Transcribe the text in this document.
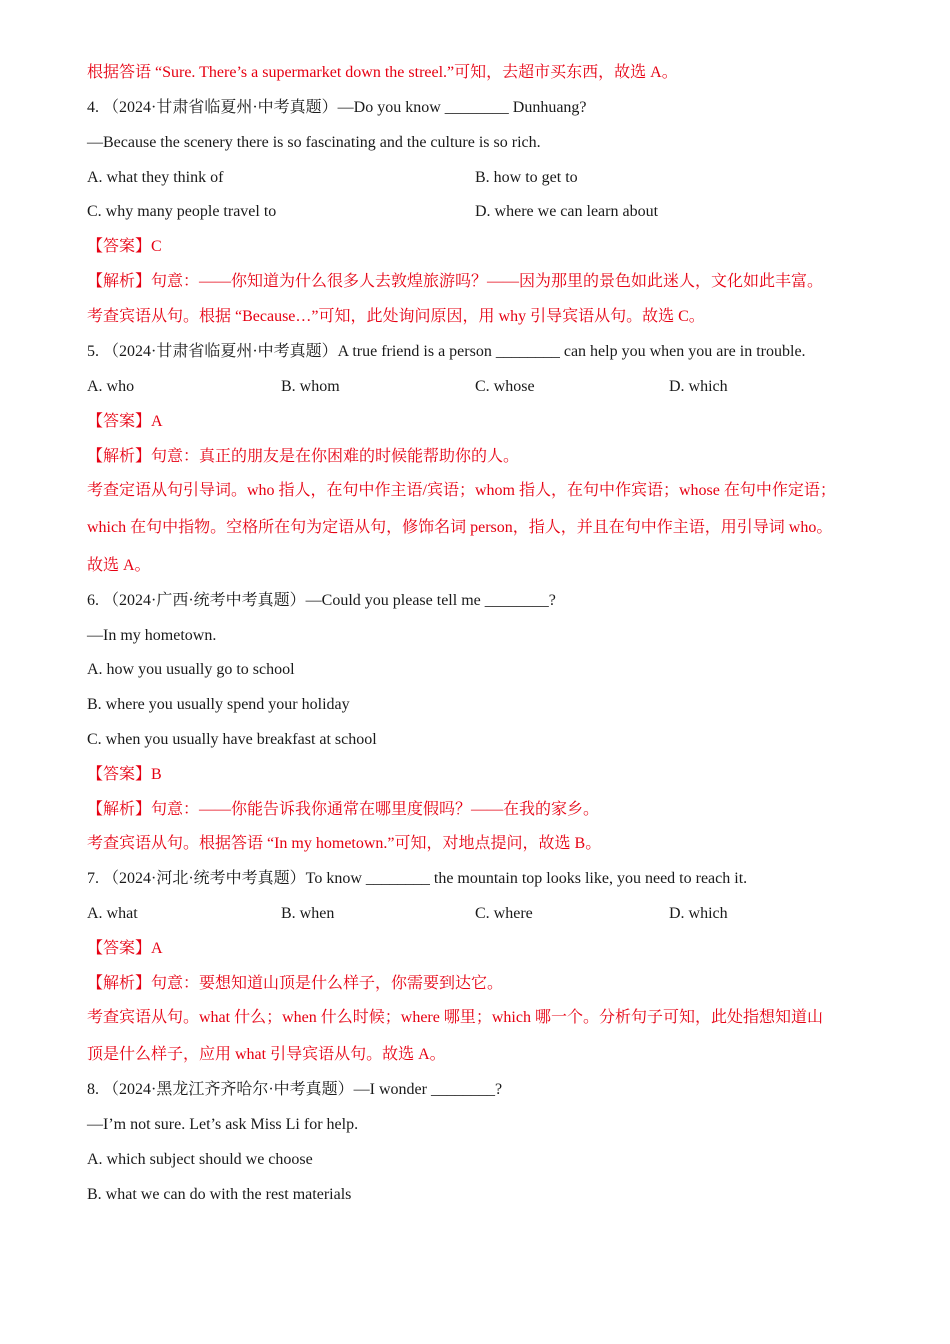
根据答语 “Sure. There’s a supermarket down the streel.”可知，去超市买东西，故选 A。
4. （2024·甘肃省临夏州·中考真题）—Do you know ________ Dunhuang?
—Because the scenery there is so fascinating and the culture is so rich.
A. what they think of	B. how to get to
C. why many people travel to	D. where we can learn about
【答案】C
【解析】句意：——你知道为什么很多人去敦煌旅游吗？——因为那里的景色如此迷人，文化如此丰富。
考查宾语从句。根据 “Because…”可知，此处询问原因，用 why 引导宾语从句。故选 C。
5. （2024·甘肃省临夏州·中考真题）A true friend is a person ________ can help you when you are in trouble.
A. who	B. whom	C. whose	D. which
【答案】A
【解析】句意：真正的朋友是在你困难的时候能帮助你的人。
考查定语从句引导词。who 指人，在句中作主语/宾语；whom 指人，在句中作宾语；whose 在句中作定语；
which 在句中指物。空格所在句为定语从句，修饰名词 person，指人，并且在句中作主语，用引导词 who。
故选 A。
6. （2024·广西·统考中考真题）—Could you please tell me ________?
—In my hometown.
A. how you usually go to school
B. where you usually spend your holiday
C. when you usually have breakfast at school
【答案】B
【解析】句意：——你能告诉我你通常在哪里度假吗？——在我的家乡。
考查宾语从句。根据答语 “In my hometown.”可知，对地点提问，故选 B。
7. （2024·河北·统考中考真题）To know ________ the mountain top looks like, you need to reach it.
A. what	B. when	C. where	D. which
【答案】A
【解析】句意：要想知道山顶是什么样子，你需要到达它。
考查宾语从句。what 什么；when 什么时候；where 哪里；which 哪一个。分析句子可知，此处指想知道山
顶是什么样子，应用 what 引导宾语从句。故选 A。
8. （2024·黑龙江齐齐哈尔·中考真题）—I wonder ________?
—I’m not sure. Let’s ask Miss Li for help.
A. which subject should we choose
B. what we can do with the rest materials
